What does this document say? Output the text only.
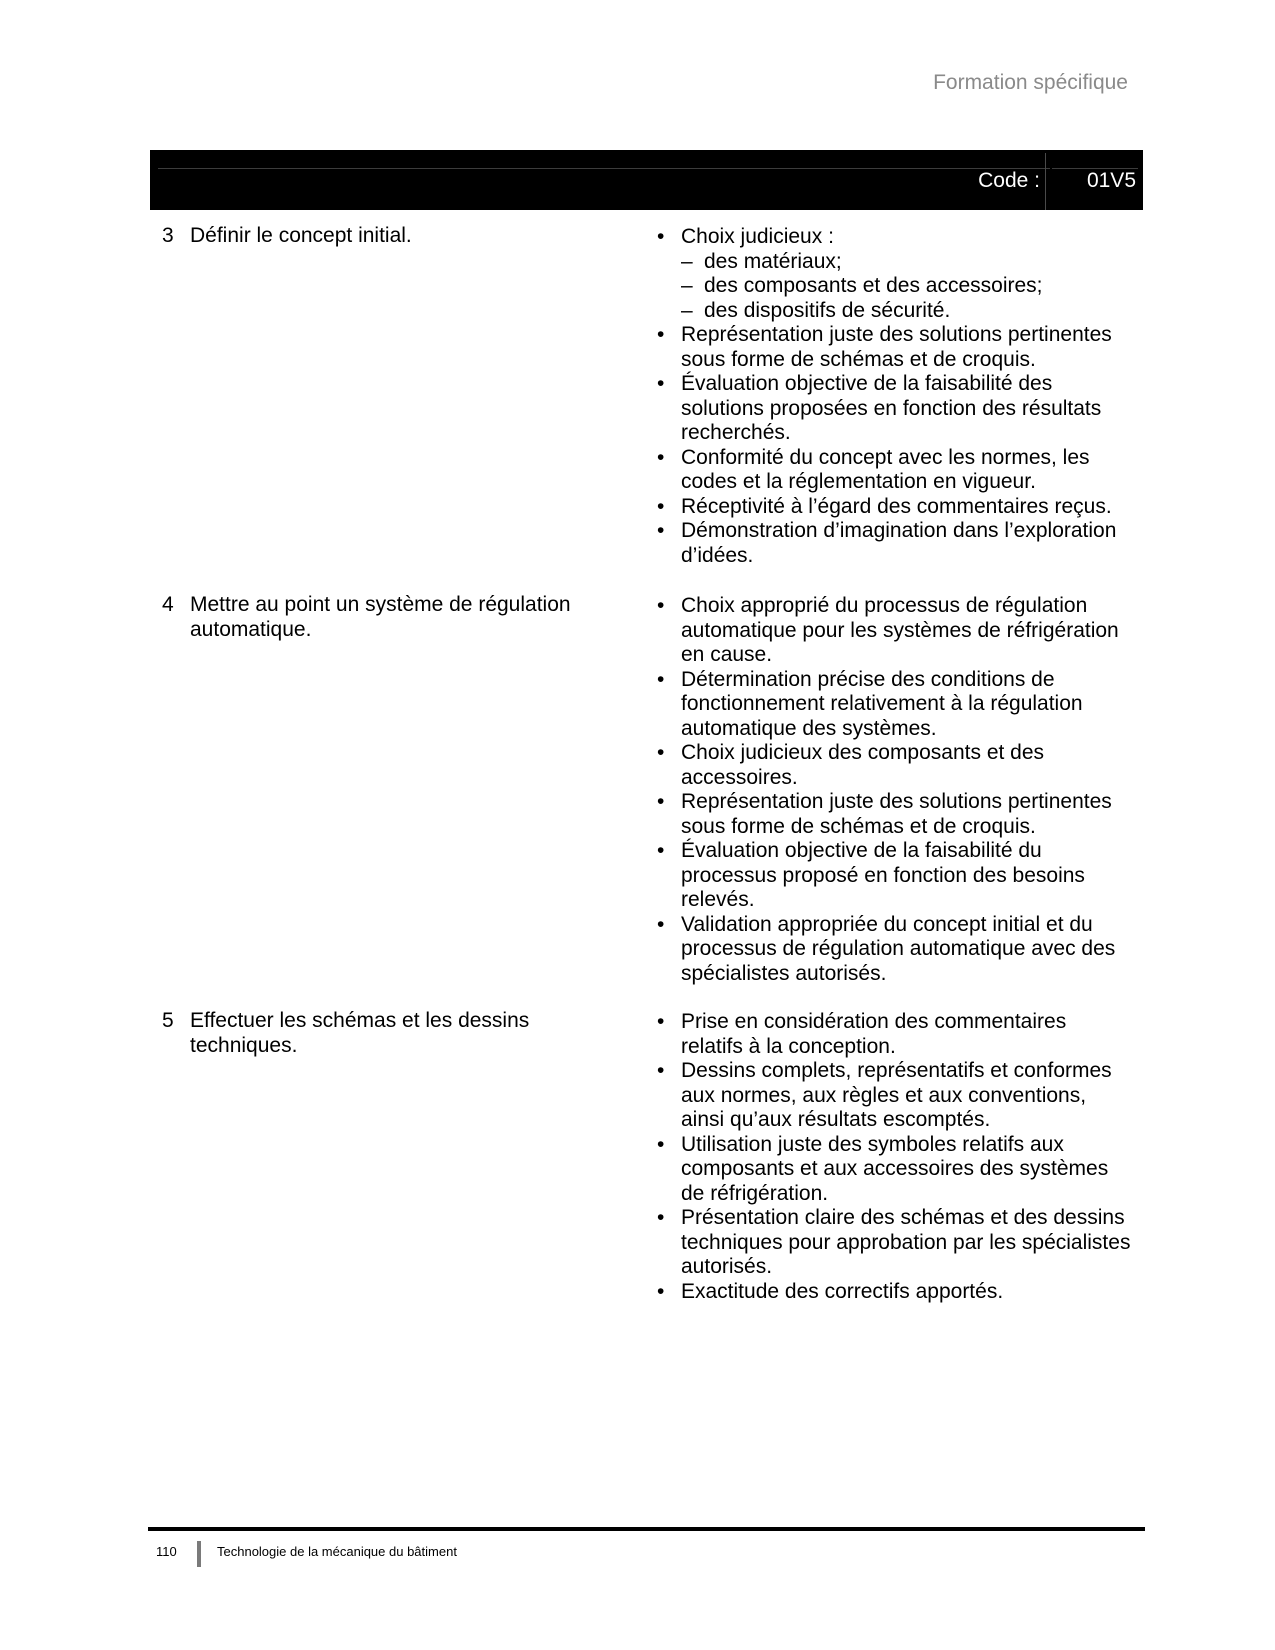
Formation spécifique
Code : 01V5
3 Définir le concept initial.	• Choix judicieux :
– des matériaux;
– des composants et des accessoires;
– des dispositifs de sécurité.
• Représentation juste des solutions pertinentes sous forme de schémas et de croquis.
• Évaluation objective de la faisabilité des solutions proposées en fonction des résultats recherchés.
• Conformité du concept avec les normes, les codes et la réglementation en vigueur.
• Réceptivité à l’égard des commentaires reçus.
• Démonstration d’imagination dans l’exploration d’idées.
4 Mettre au point un système de régulation automatique.
• Choix approprié du processus de régulation automatique pour les systèmes de réfrigération en cause.
• Détermination précise des conditions de fonctionnement relativement à la régulation automatique des systèmes.
• Choix judicieux des composants et des accessoires.
• Représentation juste des solutions pertinentes sous forme de schémas et de croquis.
• Évaluation objective de la faisabilité du processus proposé en fonction des besoins relevés.
• Validation appropriée du concept initial et du processus de régulation automatique avec des spécialistes autorisés.
5 Effectuer les schémas et les dessins techniques.
• Prise en considération des commentaires relatifs à la conception.
• Dessins complets, représentatifs et conformes aux normes, aux règles et aux conventions, ainsi qu’aux résultats escomptés.
• Utilisation juste des symboles relatifs aux composants et aux accessoires des systèmes de réfrigération.
• Présentation claire des schémas et des dessins techniques pour approbation par les spécialistes autorisés.
• Exactitude des correctifs apportés.
110	Technologie de la mécanique du bâtiment
